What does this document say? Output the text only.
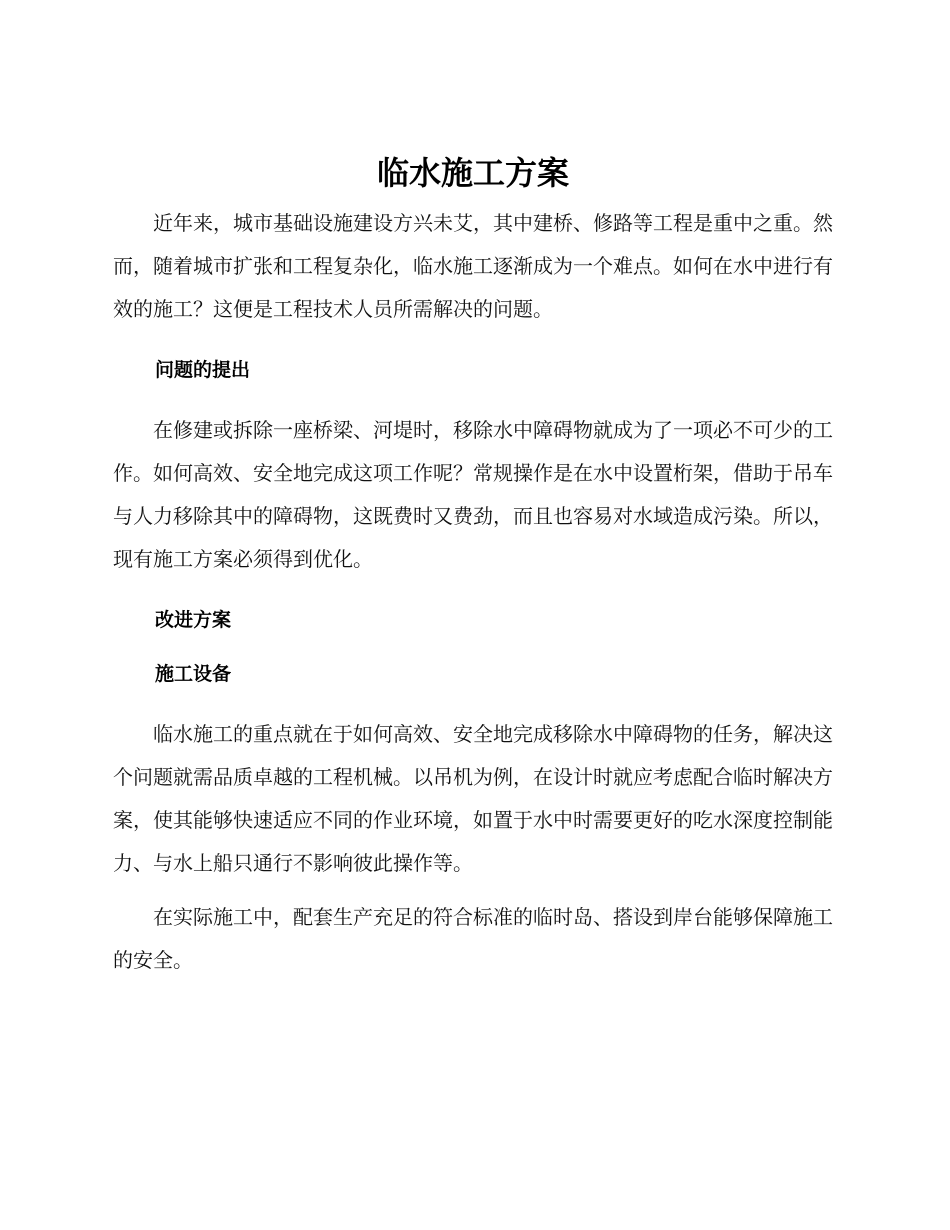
临水施工方案

近年来，城市基础设施建设方兴未艾，其中建桥、修路等工程是重中之重。然而，随着城市扩张和工程复杂化，临水施工逐渐成为一个难点。如何在水中进行有效的施工？这便是工程技术人员所需解决的问题。

问题的提出

在修建或拆除一座桥梁、河堤时，移除水中障碍物就成为了一项必不可少的工作。如何高效、安全地完成这项工作呢？常规操作是在水中设置桁架，借助于吊车与人力移除其中的障碍物，这既费时又费劲，而且也容易对水域造成污染。所以，现有施工方案必须得到优化。

改进方案
施工设备

临水施工的重点就在于如何高效、安全地完成移除水中障碍物的任务，解决这个问题就需品质卓越的工程机械。以吊机为例，在设计时就应考虑配合临时解决方案，使其能够快速适应不同的作业环境，如置于水中时需要更好的吃水深度控制能力、与水上船只通行不影响彼此操作等。

在实际施工中，配套生产充足的符合标准的临时岛、搭设到岸台能够保障施工的安全。
